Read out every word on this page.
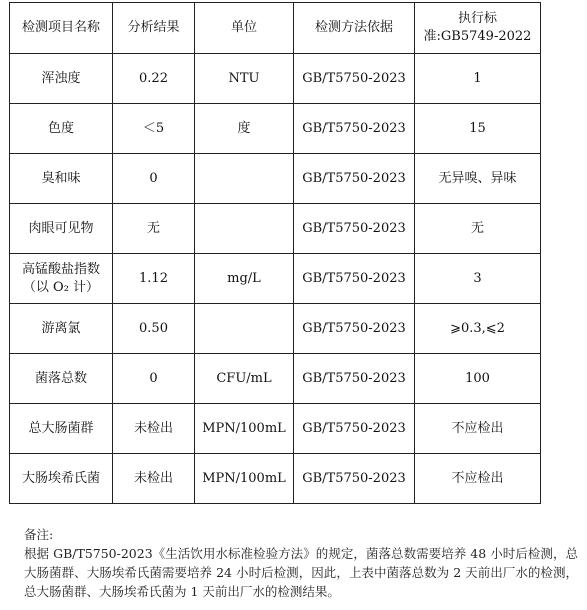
检测项目名称	分析结果	单位	检测方法依据	执行标
准:GB5749-2022
浑浊度	0.22	NTU	GB/T5750-2023	1
色度	＜5	度	GB/T5750-2023	15
臭和味	0		GB/T5750-2023	无异嗅、异味
肉眼可见物	无		GB/T5750-2023	无
高锰酸盐指数
（以 O₂ 计）	1.12	mg/L	GB/T5750-2023	3
游离氯	0.50		GB/T5750-2023	⩾0.3,⩽2
菌落总数	0	CFU/mL	GB/T5750-2023	100
总大肠菌群	未检出	MPN/100mL	GB/T5750-2023	不应检出
大肠埃希氏菌	未检出	MPN/100mL	GB/T5750-2023	不应检出

备注:

根据 GB/T5750-2023《生活饮用水标准检验方法》的规定，菌落总数需要培养 48 小时后检测，总大肠菌群、大肠埃希氏菌需要培养 24 小时后检测，因此，上表中菌落总数为 2 天前出厂水的检测，总大肠菌群、大肠埃希氏菌为 1 天前出厂水的检测结果。
